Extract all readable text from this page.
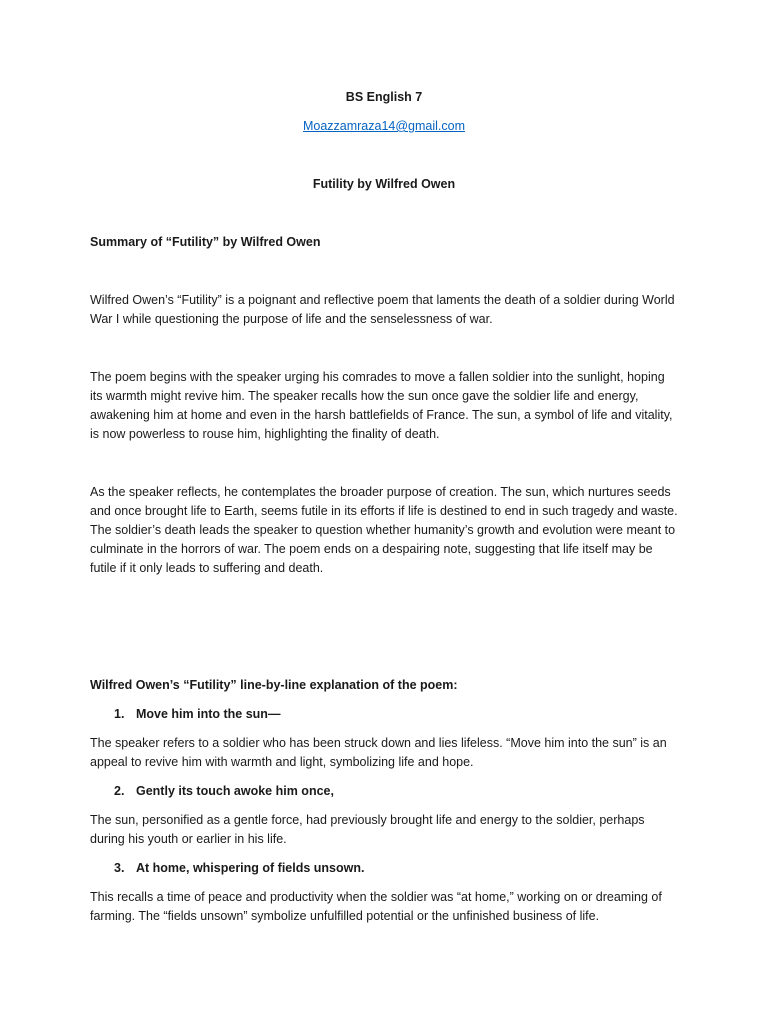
BS English 7
Moazzamraza14@gmail.com
Futility by Wilfred Owen
Summary of “Futility” by Wilfred Owen

Wilfred Owen’s “Futility” is a poignant and reflective poem that laments the death of a soldier during World War I while questioning the purpose of life and the senselessness of war.

The poem begins with the speaker urging his comrades to move a fallen soldier into the sunlight, hoping its warmth might revive him. The speaker recalls how the sun once gave the soldier life and energy, awakening him at home and even in the harsh battlefields of France. The sun, a symbol of life and vitality, is now powerless to rouse him, highlighting the finality of death.

As the speaker reflects, he contemplates the broader purpose of creation. The sun, which nurtures seeds and once brought life to Earth, seems futile in its efforts if life is destined to end in such tragedy and waste. The soldier’s death leads the speaker to question whether humanity’s growth and evolution were meant to culminate in the horrors of war. The poem ends on a despairing note, suggesting that life itself may be futile if it only leads to suffering and death.

Wilfred Owen’s “Futility” line-by-line explanation of the poem:
1. Move him into the sun—

The speaker refers to a soldier who has been struck down and lies lifeless. “Move him into the sun” is an appeal to revive him with warmth and light, symbolizing life and hope.

2. Gently its touch awoke him once,

The sun, personified as a gentle force, had previously brought life and energy to the soldier, perhaps during his youth or earlier in his life.

3. At home, whispering of fields unsown.

This recalls a time of peace and productivity when the soldier was “at home,” working on or dreaming of farming. The “fields unsown” symbolize unfulfilled potential or the unfinished business of life.
